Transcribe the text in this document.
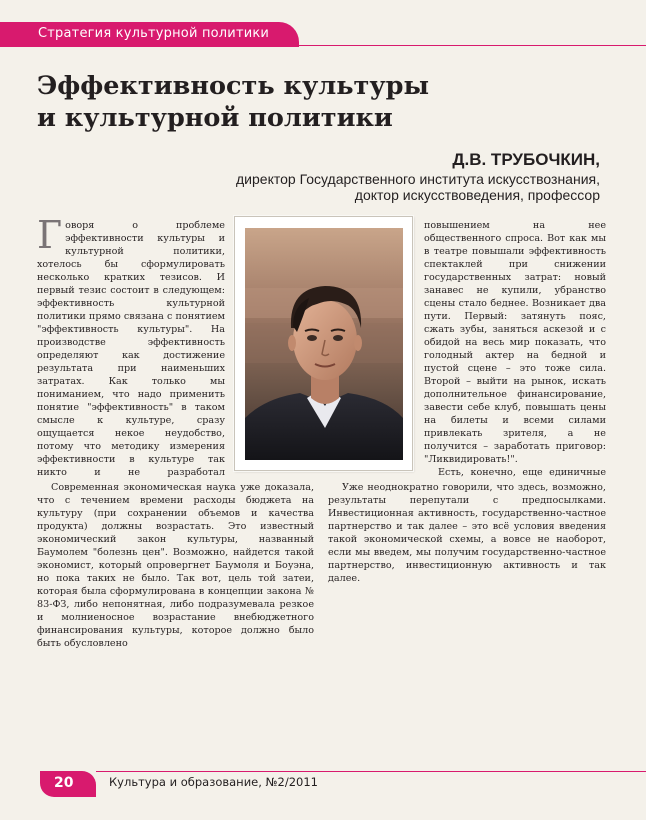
Стратегия культурной политики
Эффективность культуры
и культурной политики
Д.В. ТРУБОЧКИН,
директор Государственного института искусствознания,
доктор искусствоведения, профессор

Говоря о проблеме эффективности культуры и культурной политики, хотелось бы сформулировать несколько кратких тезисов. И первый тезис состоит в следующем: эффективность культурной политики прямо связана с понятием "эффективность культуры". На производстве эффективность определяют как достижение результата при наименьших затратах. Как только мы пониманием, что надо применить понятие "эффективность" в таком смысле к культуре, сразу ощущается некое неудобство, потому что методику измерения эффективности в культуре так никто и не разработал

повышением на нее общественного спроса. Вот как мы в театре повышали эффективность спектаклей при снижении государственных затрат: новый занавес не купили, убранство сцены стало беднее. Возникает два пути. Первый: затянуть пояс, сжать зубы, заняться аскезой и с обидой на весь мир показать, что голодный актер на бедной и пустой сцене – это тоже сила. Второй – выйти на рынок, искать дополнительное финансирование, завести себе клуб, повышать цены на билеты и всеми силами привлекать зрителя, а не получится – заработать приговор: "Ликвидировать!".

Есть, конечно, еще единичные

Современная экономическая наука уже доказала, что с течением времени расходы бюджета на культуру (при сохранении объемов и качества продукта) должны возрастать. Это известный экономический закон культуры, названный Баумолем "болезнь цен". Возможно, найдется такой экономист, который опровергнет Баумоля и Боуэна, но пока таких не было. Так вот, цель той затеи, которая была сформулирована в концепции закона № 83-ФЗ, либо непонятная, либо подразумевала резкое и молниеносное возрастание внебюджетного финансирования культуры, которое должно было быть обусловлено

Уже неоднократно говорили, что здесь, возможно, результаты перепутали с предпосылками. Инвестиционная активность, государственно-частное партнерство и так далее – это всё условия введения такой экономической схемы, а вовсе не наоборот, если мы введем, мы получим государственно-частное партнерство, инвестиционную активность и так далее.

20	Культура и образование, №2/2011
